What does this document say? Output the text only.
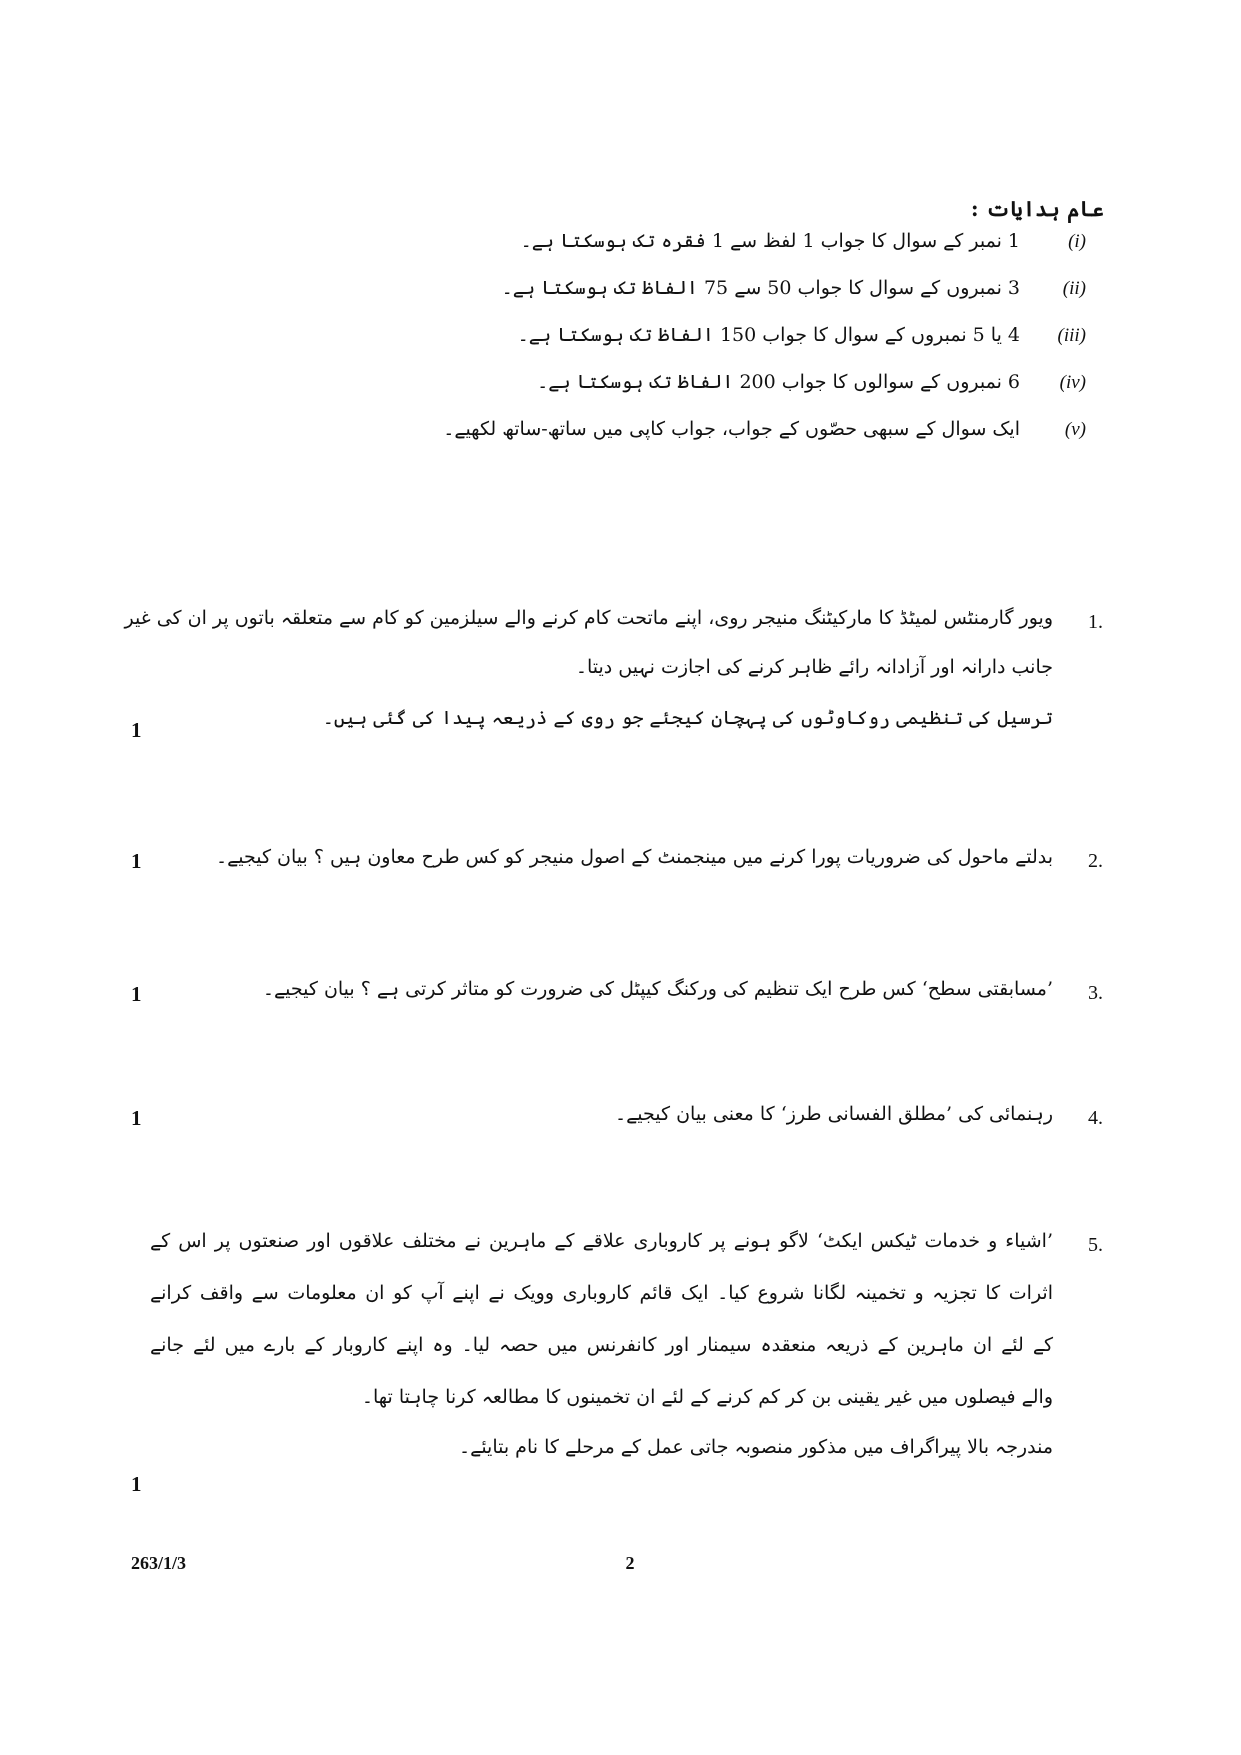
عام ہدایات :
(i)1 نمبر کے سوال کا جواب 1 لفظ سے 1 فقرہ تک ہوسکتا ہے۔
(ii)3 نمبروں کے سوال کا جواب 50 سے 75 الفاظ تک ہوسکتا ہے۔
(iii)4 یا 5 نمبروں کے سوال کا جواب 150 الفاظ تک ہوسکتا ہے۔
(iv)6 نمبروں کے سوالوں کا جواب 200 الفاظ تک ہوسکتا ہے۔
(v)ایک سوال کے سبھی حصّوں کے جواب، جواب کاپی میں ساتھ-ساتھ لکھیے۔
1.
ویور گارمنٹس لمیٹڈ کا مارکیٹنگ منیجر روی، اپنے ماتحت کام کرنے والے سیلزمین کو کام سے متعلقہ باتوں پر ان کی غیر
جانب دارانہ اور آزادانہ رائے ظاہر کرنے کی اجازت نہیں دیتا۔
ترسیل کی تنظیمی روکاوٹوں کی پہچان کیجئے جو روی کے ذریعہ پیدا کی گئی ہیں۔
1
2.
بدلتے ماحول کی ضروریات پورا کرنے میں مینجمنٹ کے اصول منیجر کو کس طرح معاون ہیں ؟ بیان کیجیے۔
1
3.
’مسابقتی سطح‘ کس طرح ایک تنظیم کی ورکنگ کیپٹل کی ضرورت کو متاثر کرتی ہے ؟ بیان کیجیے۔
1
4.
رہنمائی کی ’مطلق الفسانی طرز‘ کا معنی بیان کیجیے۔
1
5.
’اشیاء و خدمات ٹیکس ایکٹ‘ لاگو ہونے پر کاروباری علاقے کے ماہرین نے مختلف علاقوں اور صنعتوں پر اس کے
اثرات کا تجزیہ و تخمینہ لگانا شروع کیا۔ ایک قائم کاروباری وویک نے اپنے آپ کو ان معلومات سے واقف کرانے
کے لئے ان ماہرین کے ذریعہ منعقدہ سیمنار اور کانفرنس میں حصہ لیا۔ وہ اپنے کاروبار کے بارے میں لئے جانے
والے فیصلوں میں غیر یقینی بن کر کم کرنے کے لئے ان تخمینوں کا مطالعہ کرنا چاہتا تھا۔
مندرجہ بالا پیراگراف میں مذکور منصوبہ جاتی عمل کے مرحلے کا نام بتایئے۔
1
263/1/3	2
